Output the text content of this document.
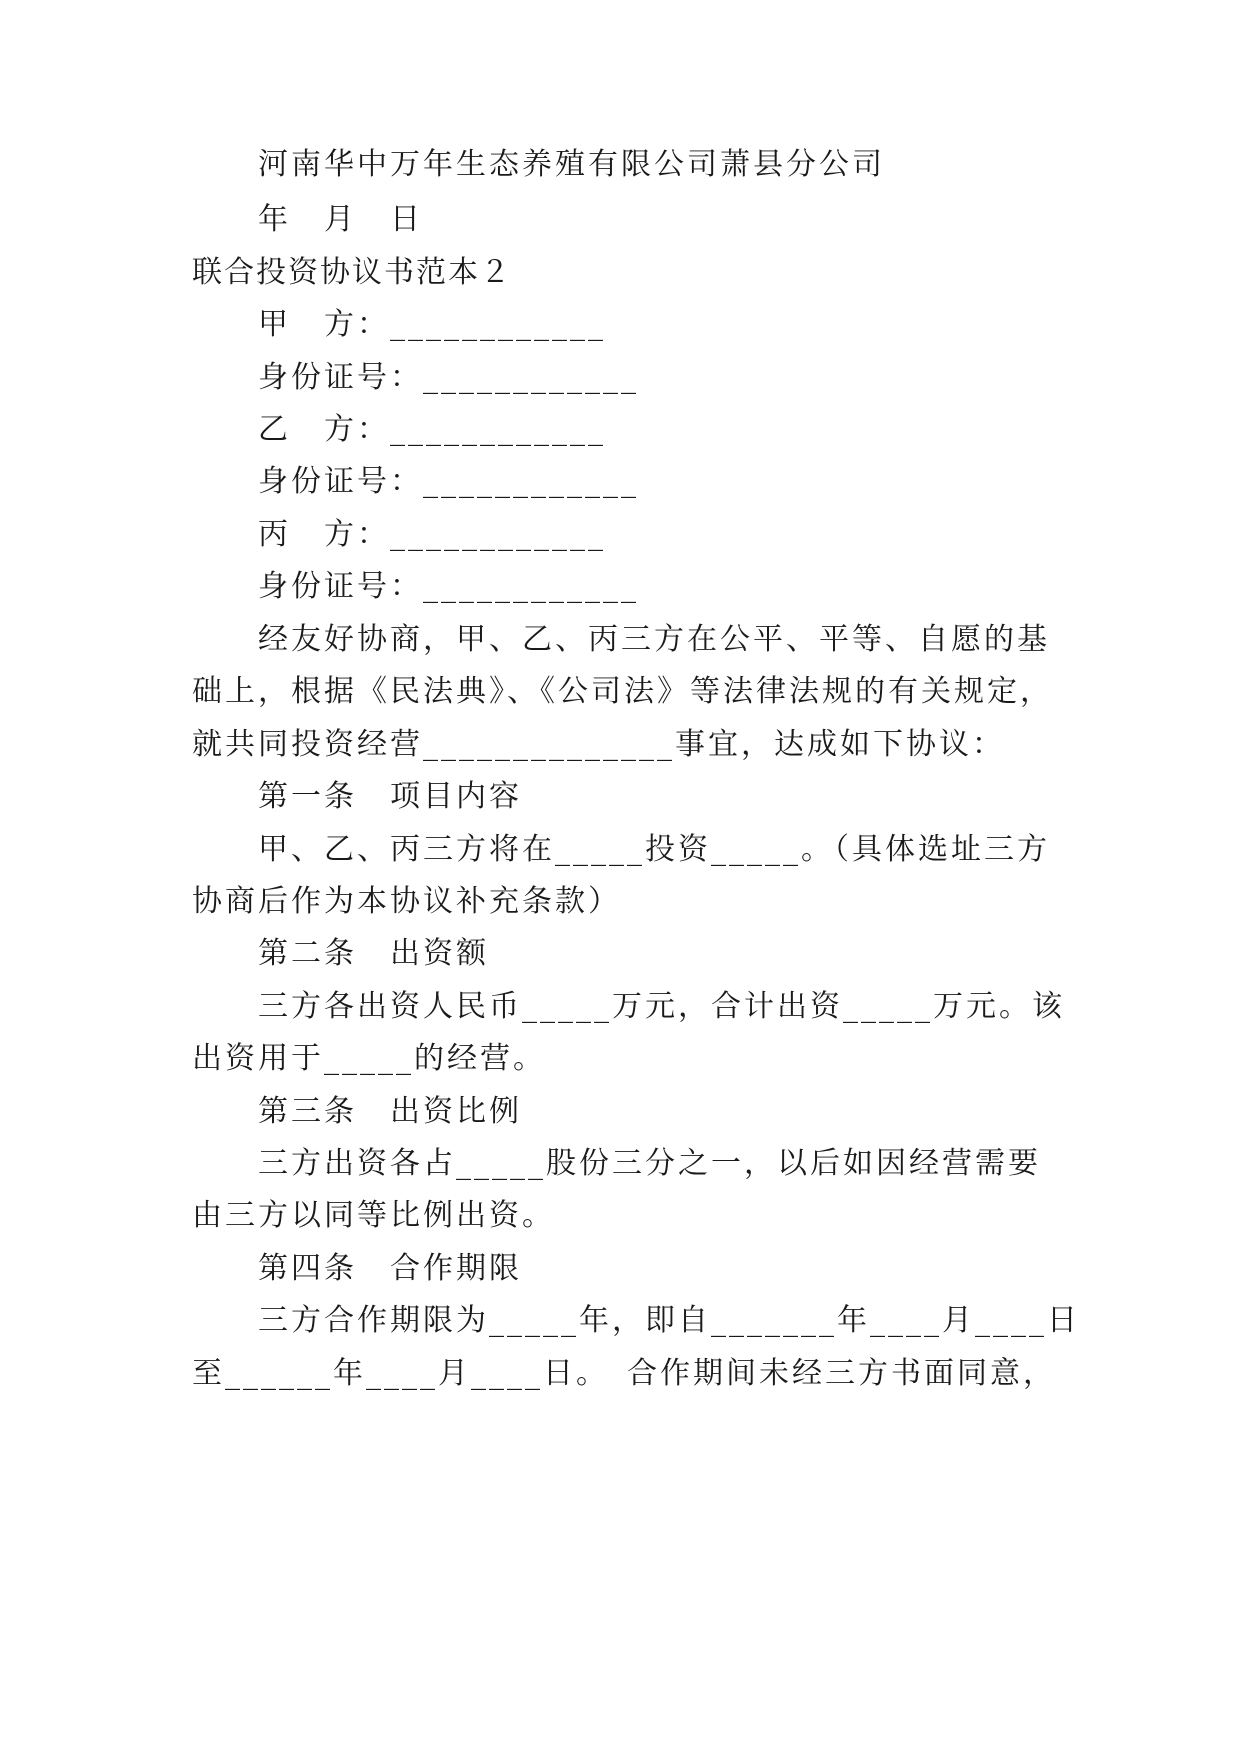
河南华中万年生态养殖有限公司萧县分公司
年　月　日
联合投资协议书范本２
甲　方：____________
身份证号：____________
乙　方：____________
身份证号：____________
丙　方：____________
身份证号：____________
经友好协商，甲、乙、丙三方在公平、平等、自愿的基
础上，根据《民法典》、《公司法》等法律法规的有关规定，
就共同投资经营______________事宜，达成如下协议：
第一条　项目内容
甲、乙、丙三方将在_____投资_____。（具体选址三方
协商后作为本协议补充条款）
第二条　出资额
三方各出资人民币_____万元，合计出资_____万元。该
出资用于_____的经营。
第三条　出资比例
三方出资各占_____股份三分之一，以后如因经营需要
由三方以同等比例出资。
第四条　合作期限
三方合作期限为_____年，即自_______年____月____日
至______年____月____日。　合作期间未经三方书面同意，
